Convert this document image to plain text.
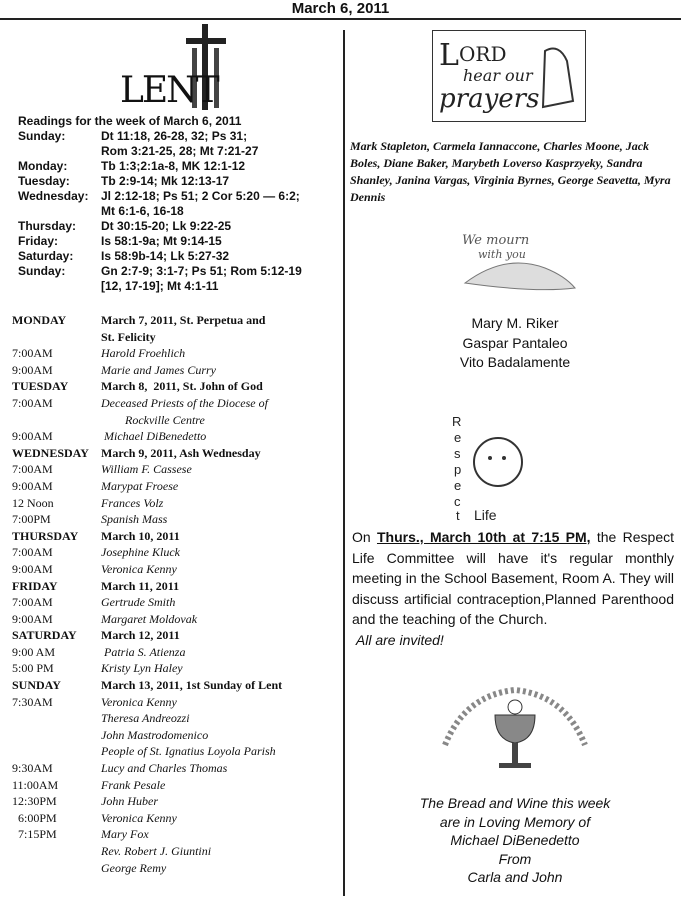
March 6, 2011
LENT
Readings for the week of March 6, 2011
Sunday:	Dt 11:18, 26-28, 32; Ps 31;
Rom 3:21-25, 28; Mt 7:21-27
Monday:	Tb 1:3;2:1a-8, MK 12:1-12
Tuesday:	Tb 2:9-14; Mk 12:13-17
Wednesday:	Jl 2:12-18; Ps 51; 2 Cor 5:20 — 6:2;
Mt 6:1-6, 16-18
Thursday:	Dt 30:15-20; Lk 9:22-25
Friday:	Is 58:1-9a; Mt 9:14-15
Saturday:	Is 58:9b-14; Lk 5:27-32
Sunday:	Gn 2:7-9; 3:1-7; Ps 51; Rom 5:12-19
[12, 17-19]; Mt 4:1-11
MONDAY	March 7, 2011, St. Perpetua and
St. Felicity
7:00AM	Harold Froehlich
9:00AM	Marie and James Curry
TUESDAY	March 8,  2011, St. John of God
7:00AM	Deceased Priests of the Diocese of
Rockville Centre
9:00AM	Michael DiBenedetto
WEDNESDAY	March 9, 2011, Ash Wednesday
7:00AM	William F. Cassese
9:00AM	Marypat Froese
12 Noon	Frances Volz
7:00PM	Spanish Mass
THURSDAY	March 10, 2011
7:00AM	Josephine Kluck
9:00AM	Veronica Kenny
FRIDAY	March 11, 2011
7:00AM	Gertrude Smith
9:00AM	Margaret Moldovak
SATURDAY	March 12, 2011
9:00 AM	Patria S. Atienza
5:00 PM	Kristy Lyn Haley
SUNDAY	March 13, 2011, 1st Sunday of Lent
7:30AM	Veronica Kenny
Theresa Andreozzi
John Mastrodomenico
People of St. Ignatius Loyola Parish
9:30AM	Lucy and Charles Thomas
11:00AM	Frank Pesale
12:30PM	John Huber
6:00PM	Veronica Kenny
7:15PM	Mary Fox
Rev. Robert J. Giuntini
George Remy
L ORD
hear our
prayers
Mark Stapleton, Carmela Iannaccone, Charles Moone, Jack Boles, Diane Baker, Marybeth Loverso Kasprzyeky, Sandra Shanley, Janina Vargas, Virginia Byrnes, George Seavetta, Myra Dennis
We mourn
with you
Mary M. Riker
Gaspar Pantaleo
Vito Badalamente
R
e
s
p
e
c
t Life
On Thurs., March 10th at 7:15 PM, the Respect Life Committee will have it's regular monthly meeting in the School Basement, Room A. They will discuss artificial contraception,Planned Parenthood and the teaching of the Church.
All are invited!
The Bread and Wine this week
are in Loving Memory of
Michael DiBenedetto
From
Carla and John
